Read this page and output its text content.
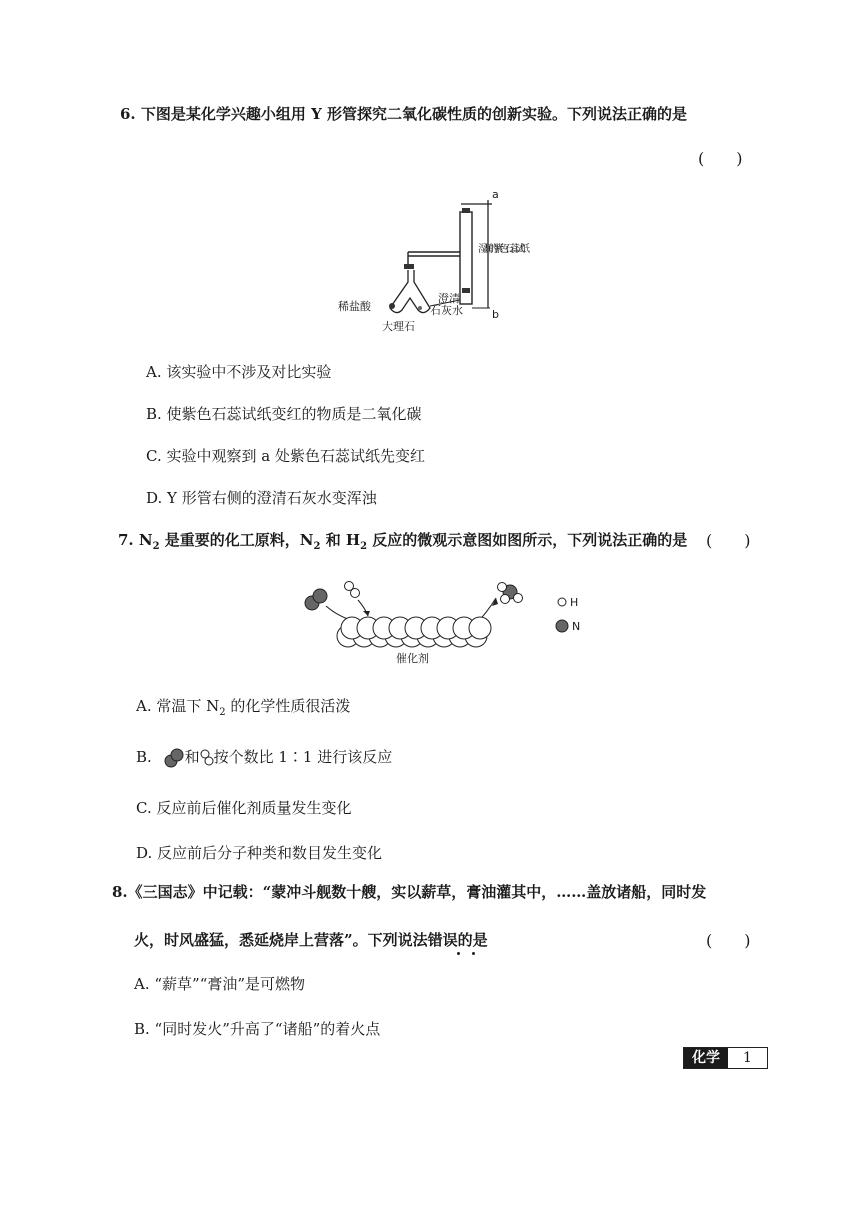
6. 下图是某化学兴趣小组用 Y 形管探究二氧化碳性质的创新实验。下列说法正确的是
(　　)
a
b
湿润的紫色石蕊试纸
稀盐酸
澄清
石灰水
大理石
A. 该实验中不涉及对比实验
B. 使紫色石蕊试纸变红的物质是二氧化碳
C. 实验中观察到 a 处紫色石蕊试纸先变红
D. Y 形管右侧的澄清石灰水变浑浊
7. $N_2$ 是重要的化工原料，$N_2$ 和 $H_2$ 反应的微观示意图如图所示，下列说法正确的是 (　　)
催化剂
H
N
A. 常温下 $N_2$ 的化学性质很活泼
B. 和 按个数比 1∶1 进行该反应
C. 反应前后催化剂质量发生变化
D. 反应前后分子种类和数目发生变化
8.《三国志》中记载：“蒙冲斗舰数十艘，实以薪草，膏油灌其中，……盖放诸船，同时发
火，时风盛猛，悉延烧岸上营落”。下列说法错误的是	(　　)
A. “薪草”“膏油”是可燃物
B. “同时发火”升高了“诸船”的着火点
化学	1
